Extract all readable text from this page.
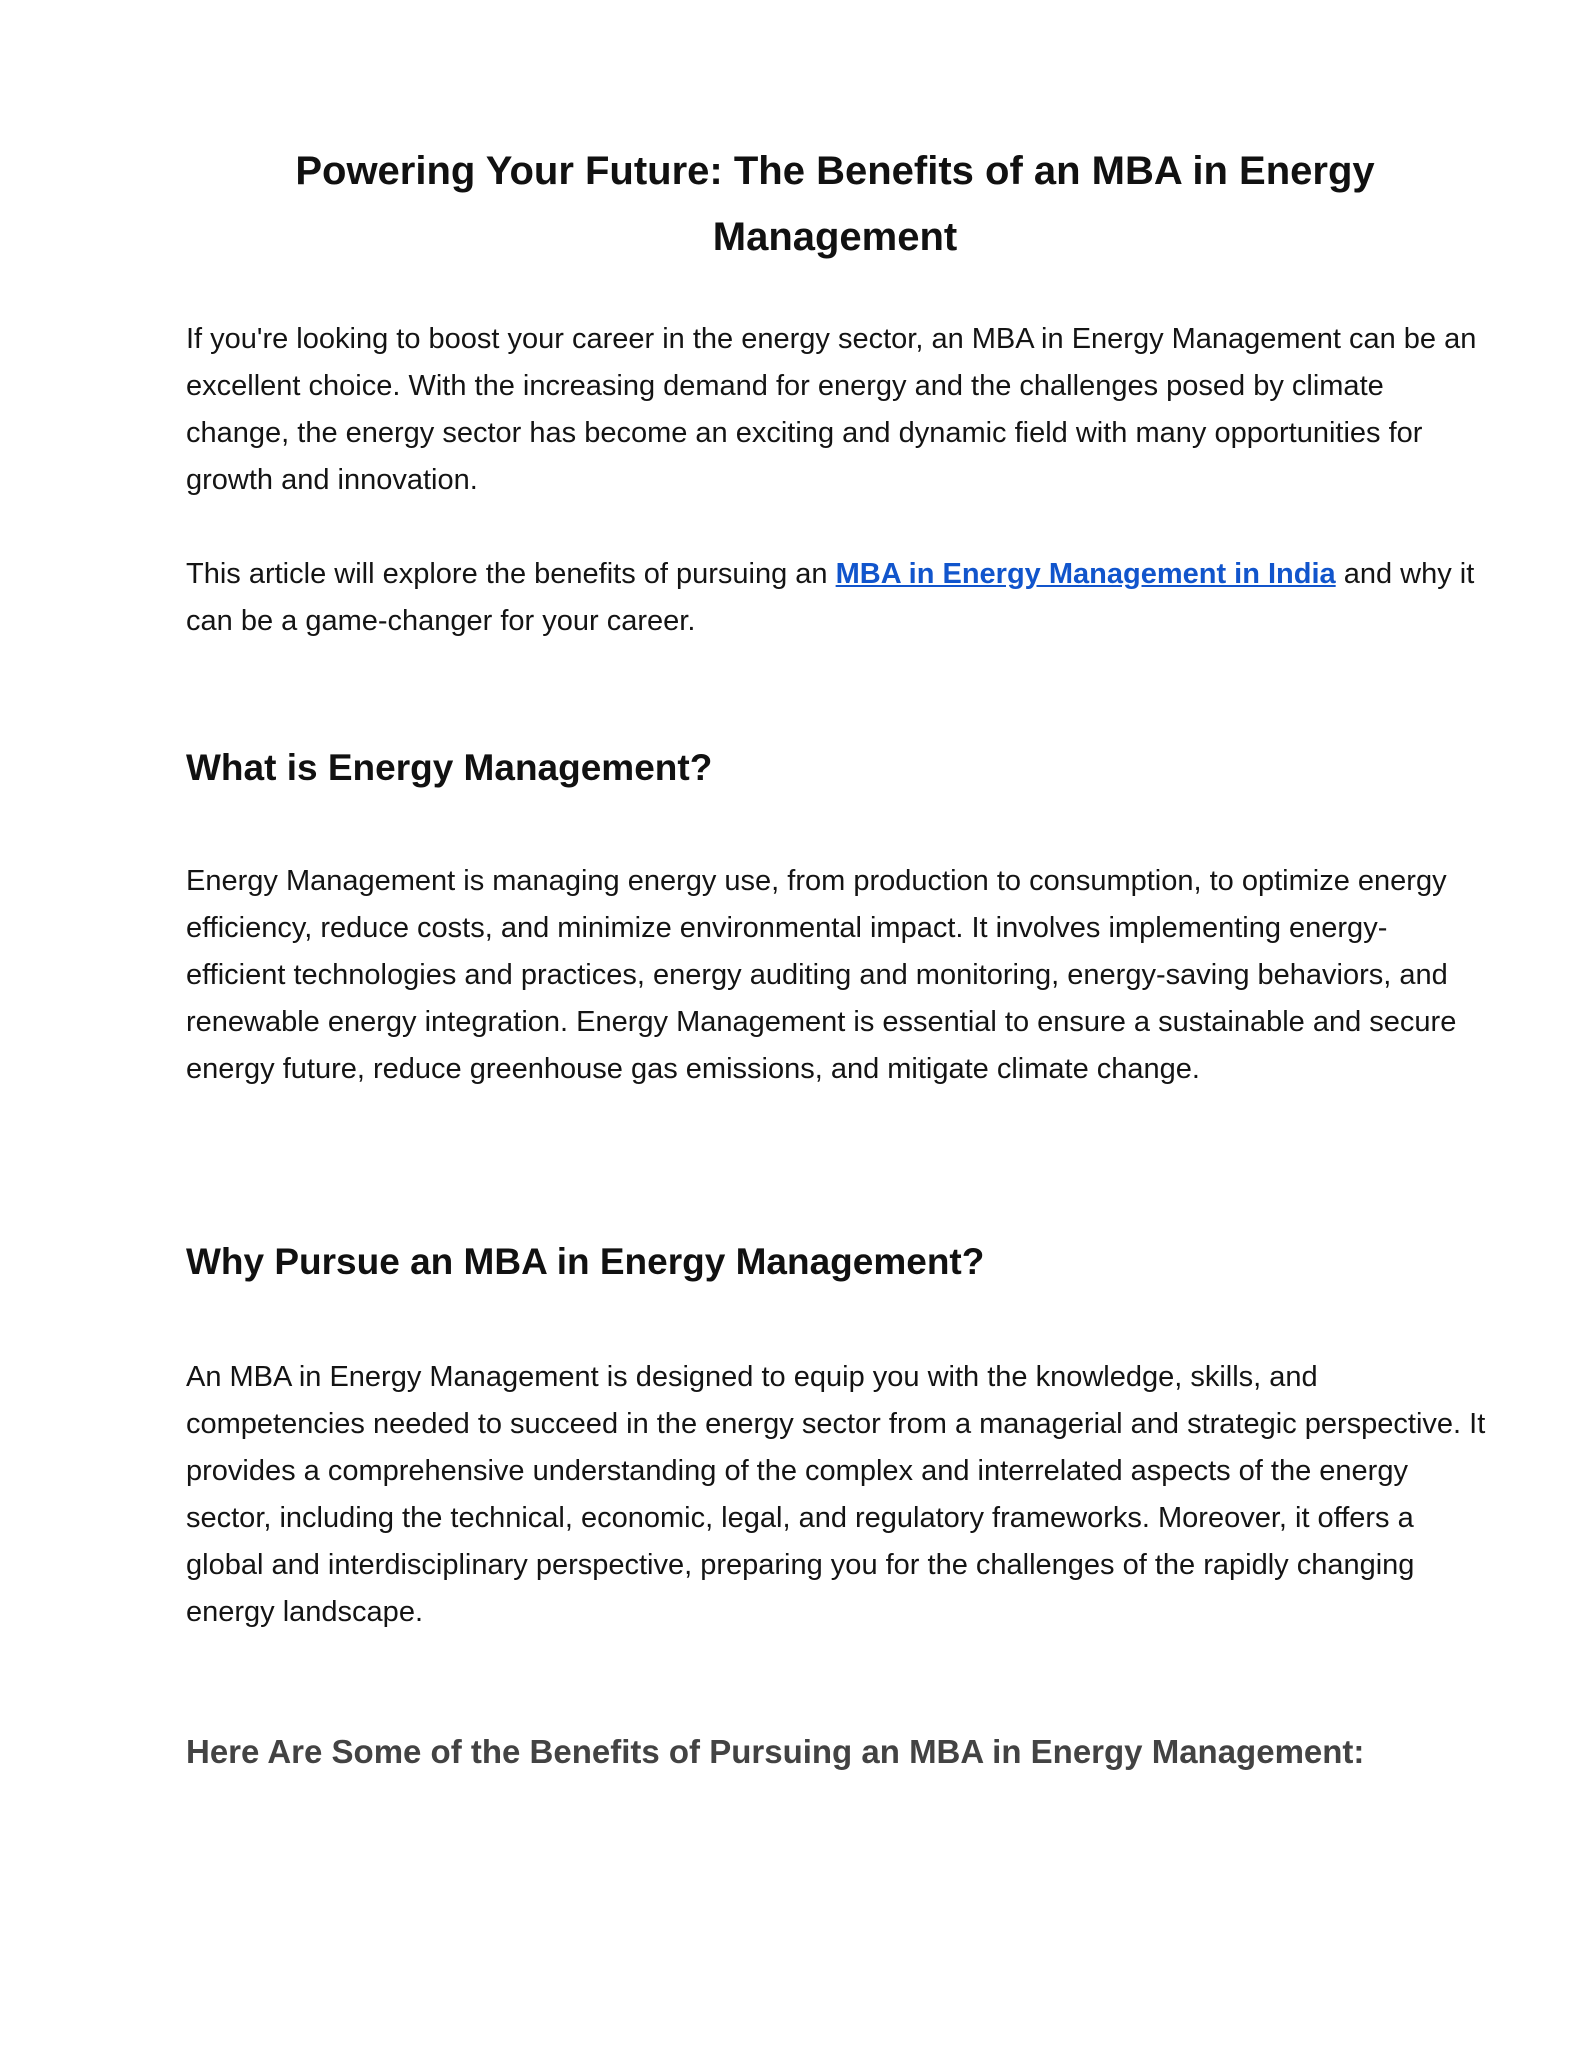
Powering Your Future: The Benefits of an MBA in Energy Management

If you're looking to boost your career in the energy sector, an MBA in Energy Management can be an excellent choice. With the increasing demand for energy and the challenges posed by climate change, the energy sector has become an exciting and dynamic field with many opportunities for growth and innovation.

This article will explore the benefits of pursuing an MBA in Energy Management in India and why it can be a game-changer for your career.

What is Energy Management?

Energy Management is managing energy use, from production to consumption, to optimize energy efficiency, reduce costs, and minimize environmental impact. It involves implementing energy-efficient technologies and practices, energy auditing and monitoring, energy-saving behaviors, and renewable energy integration. Energy Management is essential to ensure a sustainable and secure energy future, reduce greenhouse gas emissions, and mitigate climate change.

Why Pursue an MBA in Energy Management?

An MBA in Energy Management is designed to equip you with the knowledge, skills, and competencies needed to succeed in the energy sector from a managerial and strategic perspective. It provides a comprehensive understanding of the complex and interrelated aspects of the energy sector, including the technical, economic, legal, and regulatory frameworks. Moreover, it offers a global and interdisciplinary perspective, preparing you for the challenges of the rapidly changing energy landscape.

Here Are Some of the Benefits of Pursuing an MBA in Energy Management:
